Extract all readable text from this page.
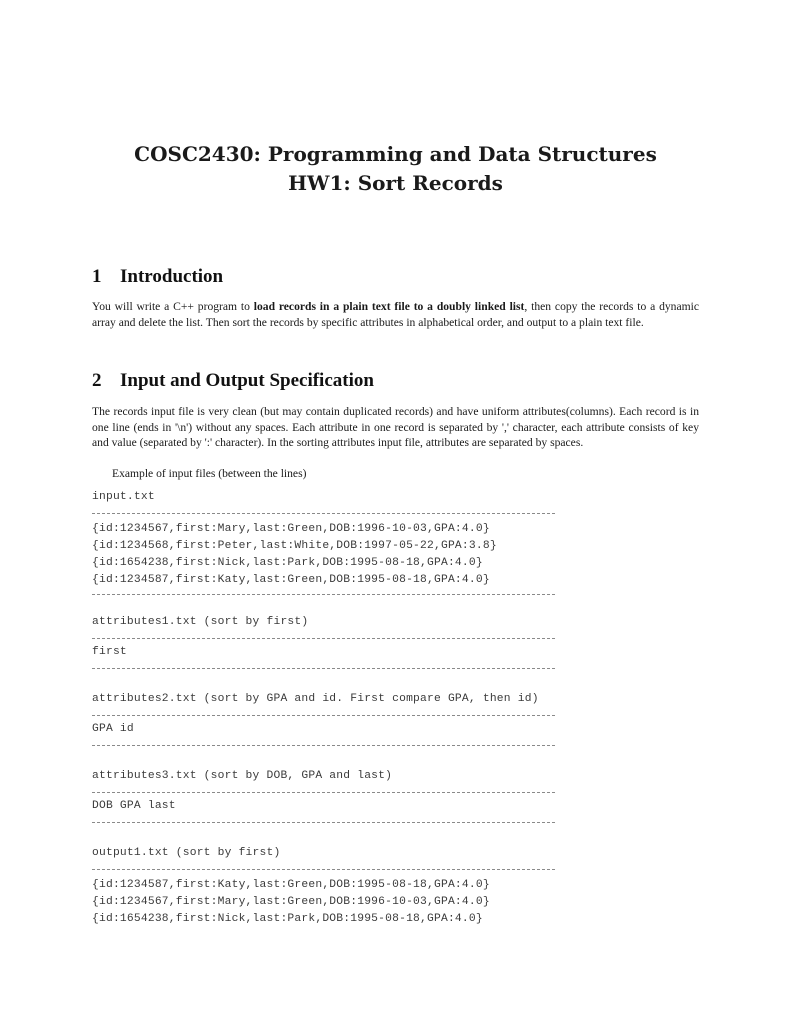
COSC2430: Programming and Data Structures
HW1: Sort Records
1 Introduction

You will write a C++ program to load records in a plain text file to a doubly linked list, then copy the records to a dynamic array and delete the list. Then sort the records by specific attributes in alphabetical order, and output to a plain text file.

2 Input and Output Specification

The records input file is very clean (but may contain duplicated records) and have uniform attributes(columns). Each record is in one line (ends in '\n') without any spaces. Each attribute in one record is separated by ',' character, each attribute consists of key and value (separated by ':' character). In the sorting attributes input file, attributes are separated by spaces.

Example of input files (between the lines)

input.txt
{id:1234567,first:Mary,last:Green,DOB:1996-10-03,GPA:4.0}
{id:1234568,first:Peter,last:White,DOB:1997-05-22,GPA:3.8}
{id:1654238,first:Nick,last:Park,DOB:1995-08-18,GPA:4.0}
{id:1234587,first:Katy,last:Green,DOB:1995-08-18,GPA:4.0}
attributes1.txt (sort by first)
first
attributes2.txt (sort by GPA and id. First compare GPA, then id)
GPA id
attributes3.txt (sort by DOB, GPA and last)
DOB GPA last
output1.txt (sort by first)
{id:1234587,first:Katy,last:Green,DOB:1995-08-18,GPA:4.0}
{id:1234567,first:Mary,last:Green,DOB:1996-10-03,GPA:4.0}
{id:1654238,first:Nick,last:Park,DOB:1995-08-18,GPA:4.0}
